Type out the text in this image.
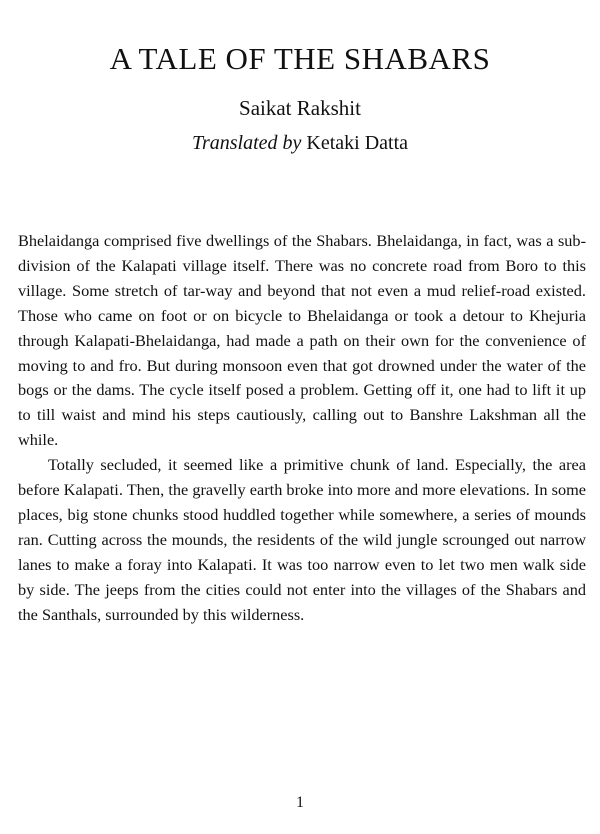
A TALE OF THE SHABARS
Saikat Rakshit
Translated by Ketaki Datta

Bhelaidanga comprised five dwellings of the Shabars. Bhelaidanga, in fact, was a sub-division of the Kalapati village itself. There was no concrete road from Boro to this village. Some stretch of tar-way and beyond that not even a mud relief-road existed. Those who came on foot or on bicycle to Bhelaidanga or took a detour to Khejuria through Kalapati-Bhelaidanga, had made a path on their own for the convenience of moving to and fro. But during monsoon even that got drowned under the water of the bogs or the dams. The cycle itself posed a problem. Getting off it, one had to lift it up to till waist and mind his steps cautiously, calling out to Banshre Lakshman all the while.

Totally secluded, it seemed like a primitive chunk of land. Especially, the area before Kalapati. Then, the gravelly earth broke into more and more elevations. In some places, big stone chunks stood huddled together while somewhere, a series of mounds ran. Cutting across the mounds, the residents of the wild jungle scrounged out narrow lanes to make a foray into Kalapati. It was too narrow even to let two men walk side by side. The jeeps from the cities could not enter into the villages of the Shabars and the Santhals, surrounded by this wilderness.

1
